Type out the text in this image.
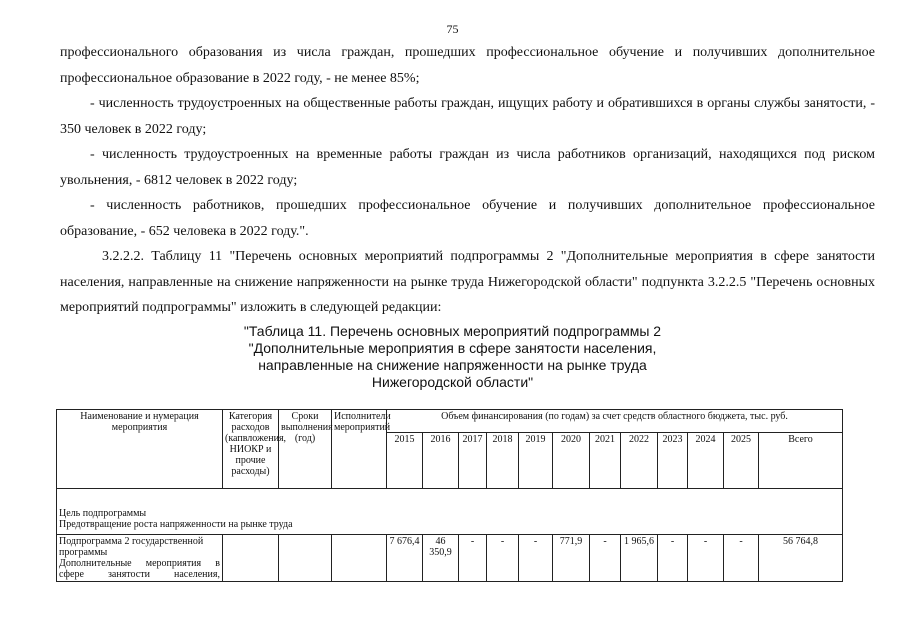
75

профессионального образования из числа граждан, прошедших профессиональное обучение и получивших дополнительное профессиональное образование в 2022 году, - не менее 85%;

- численность трудоустроенных на общественные работы граждан, ищущих работу и обратившихся в органы службы занятости, - 350 человек в 2022 году;

- численность трудоустроенных на временные работы граждан из числа работников организаций, находящихся под риском увольнения, - 6812 человек в 2022 году;

- численность работников, прошедших профессиональное обучение и получивших дополнительное профессиональное образование, - 652 человека в 2022 году.".

3.2.2.2. Таблицу 11 "Перечень основных мероприятий подпрограммы 2 "Дополнительные мероприятия в сфере занятости населения, направленные на снижение напряженности на рынке труда Нижегородской области" подпункта 3.2.2.5 "Перечень основных мероприятий подпрограммы" изложить в следующей редакции:

"Таблица 11. Перечень основных мероприятий подпрограммы 2
"Дополнительные мероприятия в сфере занятости населения,
направленные на снижение напряженности на рынке труда
Нижегородской области"
Наименование и нумерация мероприятия	Категория расходов (капвложения, НИОКР и прочие расходы)	Сроки выполнения (год)	Исполнители мероприятий	Объем финансирования (по годам) за счет средств областного бюджета, тыс. руб.											
				2015	2016	2017	2018	2019	2020	2021	2022	2023	2024	2025	Всего

Цель подпрограммы
Предотвращение роста напряженности на рынке труда															

Подпрограмма 2 государственной программы
Дополнительные мероприятия в сфере занятости населения,				7 676,4	46 350,9	-	-	-	771,9	-	1 965,6	-	-	-	56 764,8
